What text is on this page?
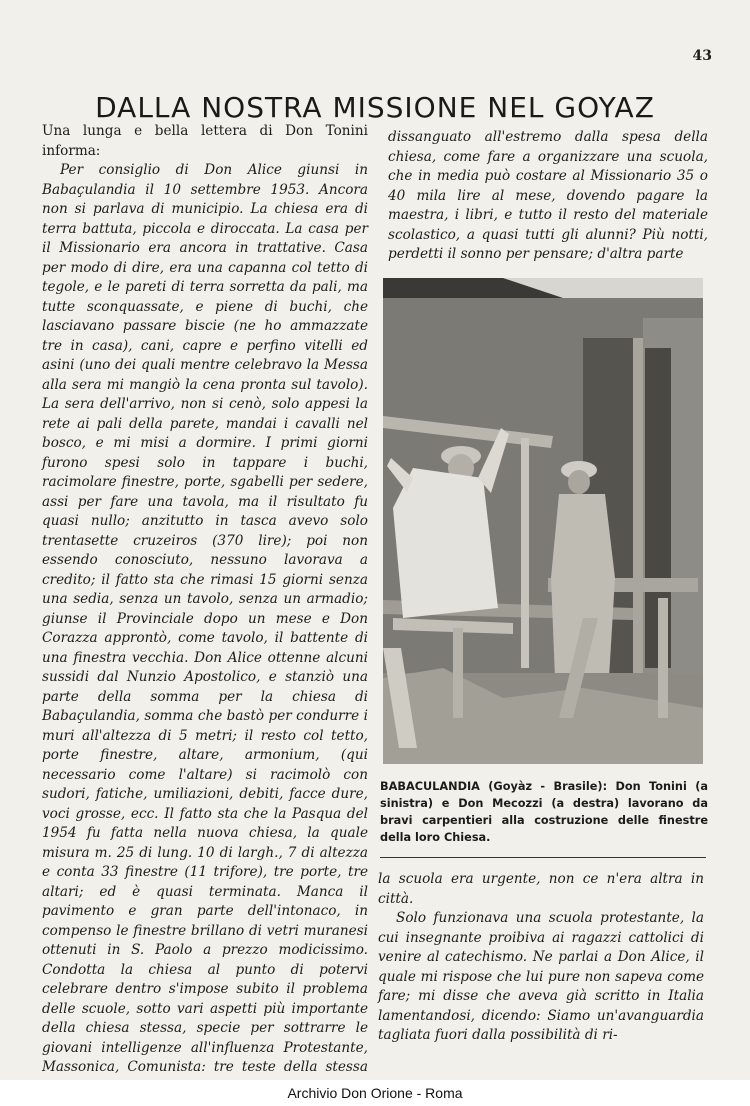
43
DALLA NOSTRA MISSIONE NEL GOYAZ

Una lunga e bella lettera di Don Tonini informa:

Per consiglio di Don Alice giunsi in Babaçulandia il 10 settembre 1953. Ancora non si parlava di municipio. La chiesa era di terra battuta, piccola e diroccata. La casa per il Missionario era ancora in trattative. Casa per modo di dire, era una capanna col tetto di tegole, e le pareti di terra sorretta da pali, ma tutte sconquassate, e piene di buchi, che lasciavano passare biscie (ne ho ammazzate tre in casa), cani, capre e perfino vitelli ed asini (uno dei quali mentre celebravo la Messa alla sera mi mangiò la cena pronta sul tavolo). La sera dell'arrivo, non si cenò, solo appesi la rete ai pali della parete, mandai i cavalli nel bosco, e mi misi a dormire. I primi giorni furono spesi solo in tappare i buchi, racimolare finestre, porte, sgabelli per sedere, assi per fare una tavola, ma il risultato fu quasi nullo; anzitutto in tasca avevo solo trentasette cruzeiros (370 lire); poi non essendo conosciuto, nessuno lavorava a credito; il fatto sta che rimasi 15 giorni senza una sedia, senza un tavolo, senza un armadio; giunse il Provinciale dopo un mese e Don Corazza approntò, come tavolo, il battente di una finestra vecchia. Don Alice ottenne alcuni sussidi dal Nunzio Apostolico, e stanziò una parte della somma per la chiesa di Babaçulandia, somma che bastò per condurre i muri all'altezza di 5 metri; il resto col tetto, porte finestre, altare, armonium, (qui necessario come l'altare) si racimolò con sudori, fatiche, umiliazioni, debiti, facce dure, voci grosse, ecc. Il fatto sta che la Pasqua del 1954 fu fatta nella nuova chiesa, la quale misura m. 25 di lung. 10 di largh., 7 di altezza e conta 33 finestre (11 trifore), tre porte, tre altari; ed è quasi terminata. Manca il pavimento e gran parte dell'intonaco, in compenso le finestre brillano di vetri muranesi ottenuti in S. Paolo a prezzo modicissimo. Condotta la chiesa al punto di potervi celebrare dentro s'impose subito il problema delle scuole, sotto vari aspetti più importante della chiesa stessa, specie per sottrarre le giovani intelligenze all'influenza Protestante, Massonica, Comunista: tre teste della stessa

dissanguato all'estremo dalla spesa della chiesa, come fare a organizzare una scuola, che in media può costare al Missionario 35 o 40 mila lire al mese, dovendo pagare la maestra, i libri, e tutto il resto del materiale scolastico, a quasi tutti gli alunni? Più notti, perdetti il sonno per pensare; d'altra parte

BABACULANDIA (Goyàz - Brasile): Don Tonini (a sinistra) e Don Mecozzi (a destra) lavorano da bravi carpentieri alla costruzione delle finestre della loro Chiesa.

la scuola era urgente, non ce n'era altra in città.

Solo funzionava una scuola protestante, la cui insegnante proibiva ai ragazzi cattolici di venire al catechismo. Ne parlai a Don Alice, il quale mi rispose che lui pure non sapeva come fare; mi disse che aveva già scritto in Italia lamentandosi, dicendo: Siamo un'avanguardia tagliata fuori dalla possibilità di ri-

Archivio Don Orione - Roma
